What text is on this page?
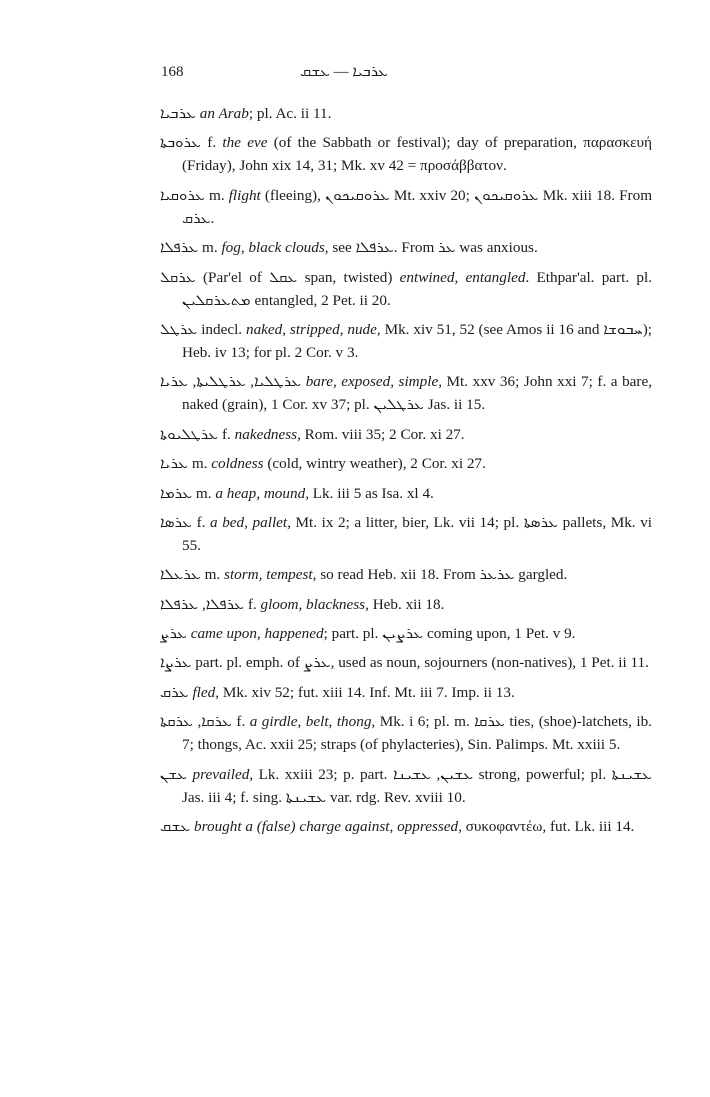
168	ܥܪܒܝܐ — ܥܫܩ

ܥܪܒܝܐ an Arab; pl. Ac. ii 11.

ܥܪܘܒܬܐ f. the eve (of the Sabbath or festival); day of preparation, παρασκευή (Friday), John xix 14, 31; Mk. xv 42 = προσάββατον.

ܥܪܘܩܝܐ m. flight (fleeing), ܥܪܘܩܝܟܘܢ Mt. xxiv 20; ܥܪܘܩܝܟܘܢ Mk. xiii 18. From ܥܪܩ.

ܥܪܦܠܐ m. fog, black clouds, see ܥܪܦܠܐ. From ܥܪ was anxious.

ܥܪܩܠ (Par'el of ܥܩܠ span, twisted) entwined, entangled. Ethpar'al. part. pl. ܡܬܥܪܩܠܝܢ entangled, 2 Pet. ii 20.

ܥܪܛܠ indecl. naked, stripped, nude, Mk. xiv 51, 52 (see Amos ii 16 and ܚܒܘܫܐ); Heb. iv 13; for pl. 2 Cor. v 3.

ܥܪܛܠܝܐ, ܥܪܛܠܝܬܐ, ܥܪܝܐ bare, exposed, simple, Mt. xxv 36; John xxi 7; f. a bare, naked (grain), 1 Cor. xv 37; pl. ܥܪܛܠܝܢ Jas. ii 15.

ܥܪܛܠܝܘܬܐ f. nakedness, Rom. viii 35; 2 Cor. xi 27.

ܥܪܝܐ m. coldness (cold, wintry weather), 2 Cor. xi 27.

ܥܪܡܐ m. a heap, mound, Lk. iii 5 as Isa. xl 4.

ܥܪܣܐ f. a bed, pallet, Mt. ix 2; a litter, bier, Lk. vii 14; pl. ܥܪܣܬܐ pallets, Mk. vi 55.

ܥܪܥܠܐ m. storm, tempest, so read Heb. xii 18. From ܥܪܥܪ gargled.

ܥܪܦܠܐ, ܥܪܦܠܐ f. gloom, blackness, Heb. xii 18.

ܥܪܨ came upon, happened; part. pl. ܥܪܨܝܢ coming upon, 1 Pet. v 9.

ܥܪܨܐ part. pl. emph. of ܥܪܨ, used as noun, sojourners (non-natives), 1 Pet. ii 11.

ܥܪܩ fled, Mk. xiv 52; fut. xiii 14. Inf. Mt. iii 7. Imp. ii 13.

ܥܪܩܐ, ܥܪܩܬܐ f. a girdle, belt, thong, Mk. i 6; pl. m. ܥܪܩܐ ties, (shoe)-latchets, ib. 7; thongs, Ac. xxii 25; straps (of phylacteries), Sin. Palimps. Mt. xxiii 5.

ܥܫܢ prevailed, Lk. xxiii 23; p. part. ܥܫܝܢ, ܥܫܝܢܐ strong, powerful; pl. ܥܫܝܢܬܐ Jas. iii 4; f. sing. ܥܫܝܢܬܐ var. rdg. Rev. xviii 10.

ܥܫܩ brought a (false) charge against, oppressed, συκοφαντέω, fut. Lk. iii 14.
